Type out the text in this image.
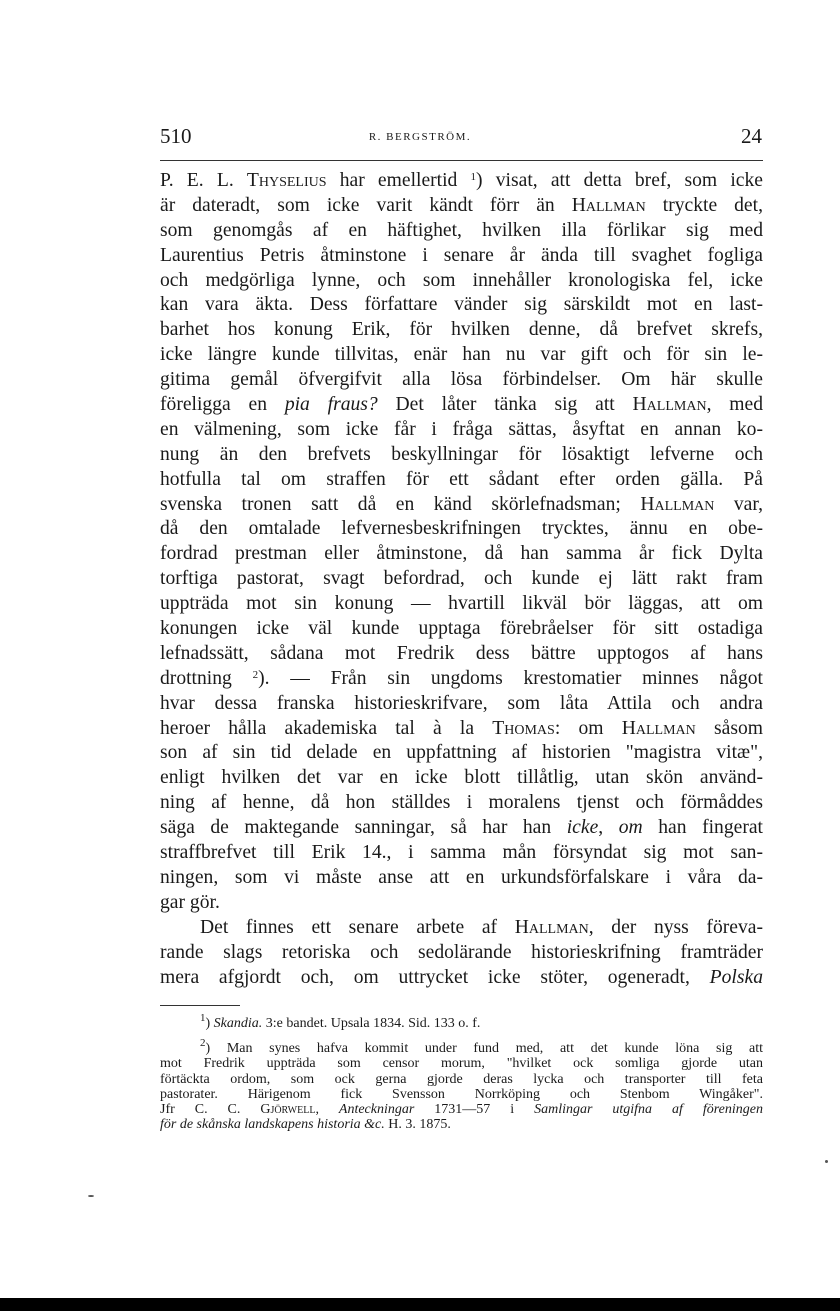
510	R. BERGSTRÖM.	24
P. E. L. Thyselius har emellertid $^1$) visat, att detta bref, som icke
är dateradt, som icke varit kändt förr än Hallman tryckte det,
som genomgås af en häftighet, hvilken illa förlikar sig med
Laurentius Petris åtminstone i senare år ända till svaghet fogliga
och medgörliga lynne, och som innehåller kronologiska fel, icke
kan vara äkta. Dess författare vänder sig särskildt mot en last-
barhet hos konung Erik, för hvilken denne, då brefvet skrefs,
icke längre kunde tillvitas, enär han nu var gift och för sin le-
gitima gemål öfvergifvit alla lösa förbindelser. Om här skulle
föreligga en pia fraus? Det låter tänka sig att Hallman, med
en välmening, som icke får i fråga sättas, åsyftat en annan ko-
nung än den brefvets beskyllningar för lösaktigt lefverne och
hotfulla tal om straffen för ett sådant efter orden gälla. På
svenska tronen satt då en känd skörlefnadsman; Hallman var,
då den omtalade lefvernesbeskrifningen trycktes, ännu en obe-
fordrad prestman eller åtminstone, då han samma år fick Dylta
torftiga pastorat, svagt befordrad, och kunde ej lätt rakt fram
uppträda mot sin konung — hvartill likväl bör läggas, att om
konungen icke väl kunde upptaga förebråelser för sitt ostadiga
lefnadssätt, sådana mot Fredrik dess bättre upptogos af hans
drottning $^2$). — Från sin ungdoms krestomatier minnes något
hvar dessa franska historieskrifvare, som låta Attila och andra
heroer hålla akademiska tal à la Thomas: om Hallman såsom
son af sin tid delade en uppfattning af historien "magistra vitæ",
enligt hvilken det var en icke blott tillåtlig, utan skön använd-
ning af henne, då hon ställdes i moralens tjenst och förmåddes
säga de maktegande sanningar, så har han icke, om han fingerat
straffbrefvet till Erik 14., i samma mån försyndat sig mot san-
ningen, som vi måste anse att en urkundsförfalskare i våra da-
gar gör.
Det finnes ett senare arbete af Hallman, der nyss föreva-
rande slags retoriska och sedolärande historieskrifning framträder
mera afgjordt och, om uttrycket icke stöter, ogeneradt, Polska
$^1$) Skandia. 3:e bandet. Upsala 1834. Sid. 133 o. f.
$^2$) Man synes hafva kommit under fund med, att det kunde löna sig att
mot Fredrik uppträda som censor morum, "hvilket ock somliga gjorde utan
förtäckta ordom, som ock gerna gjorde deras lycka och transporter till feta
pastorater. Härigenom fick Svensson Norrköping och Stenbom Wingåker".
Jfr C. C. Gjörwell, Anteckningar 1731—57 i Samlingar utgifna af föreningen
för de skånska landskapens historia &c. H. 3. 1875.
